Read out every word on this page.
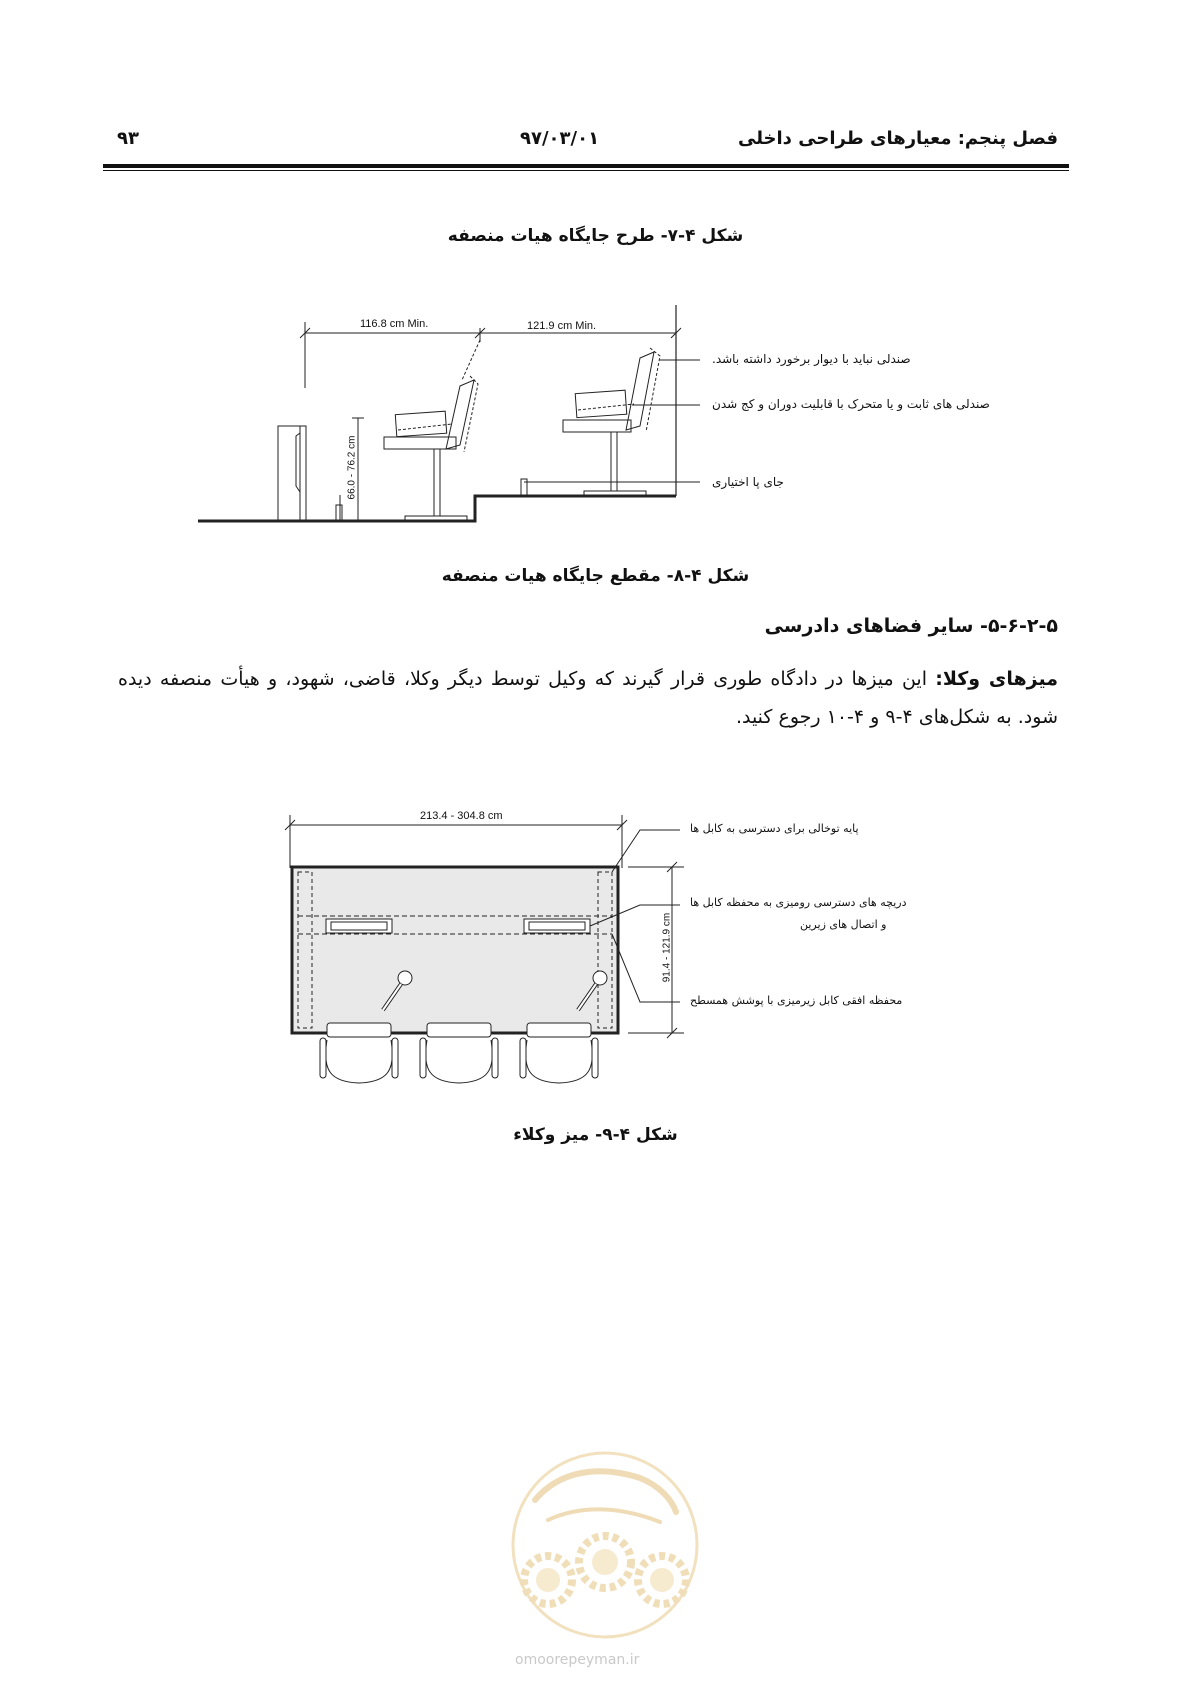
۹۳	۹۷/۰۳/۰۱	فصل پنجم: معیارهای طراحی داخلی
شکل ۴-۷- طرح جایگاه هیات منصفه
116.8 cm Min.	121.9 cm Min.
66.0 - 76.2 cm
صندلی نباید با دیوار برخورد داشته باشد.
صندلی های ثابت و یا متحرک با قابلیت دوران و کج شدن
جای پا اختیاری
شکل ۴-۸- مقطع جایگاه هیات منصفه
۵-۶-۲-۵- سایر فضاهای دادرسی
میزهای وکلا: این میزها در دادگاه طوری قرار گیرند که وکیل توسط دیگر وکلا، قاضی، شهود، و هیأت منصفه دیده شود. به شکل‌های ۴-۹ و ۴-۱۰ رجوع کنید.
213.4 - 304.8 cm
91.4 - 121.9 cm
پایه توخالی برای دسترسی به کابل ها
دریچه های دسترسی رومیزی به محفظه کابل ها
و اتصال های زیرین
محفظه افقی کابل زیرمیزی با پوشش همسطح
شکل ۴-۹- میز وکلاء
omoorepeyman.ir
